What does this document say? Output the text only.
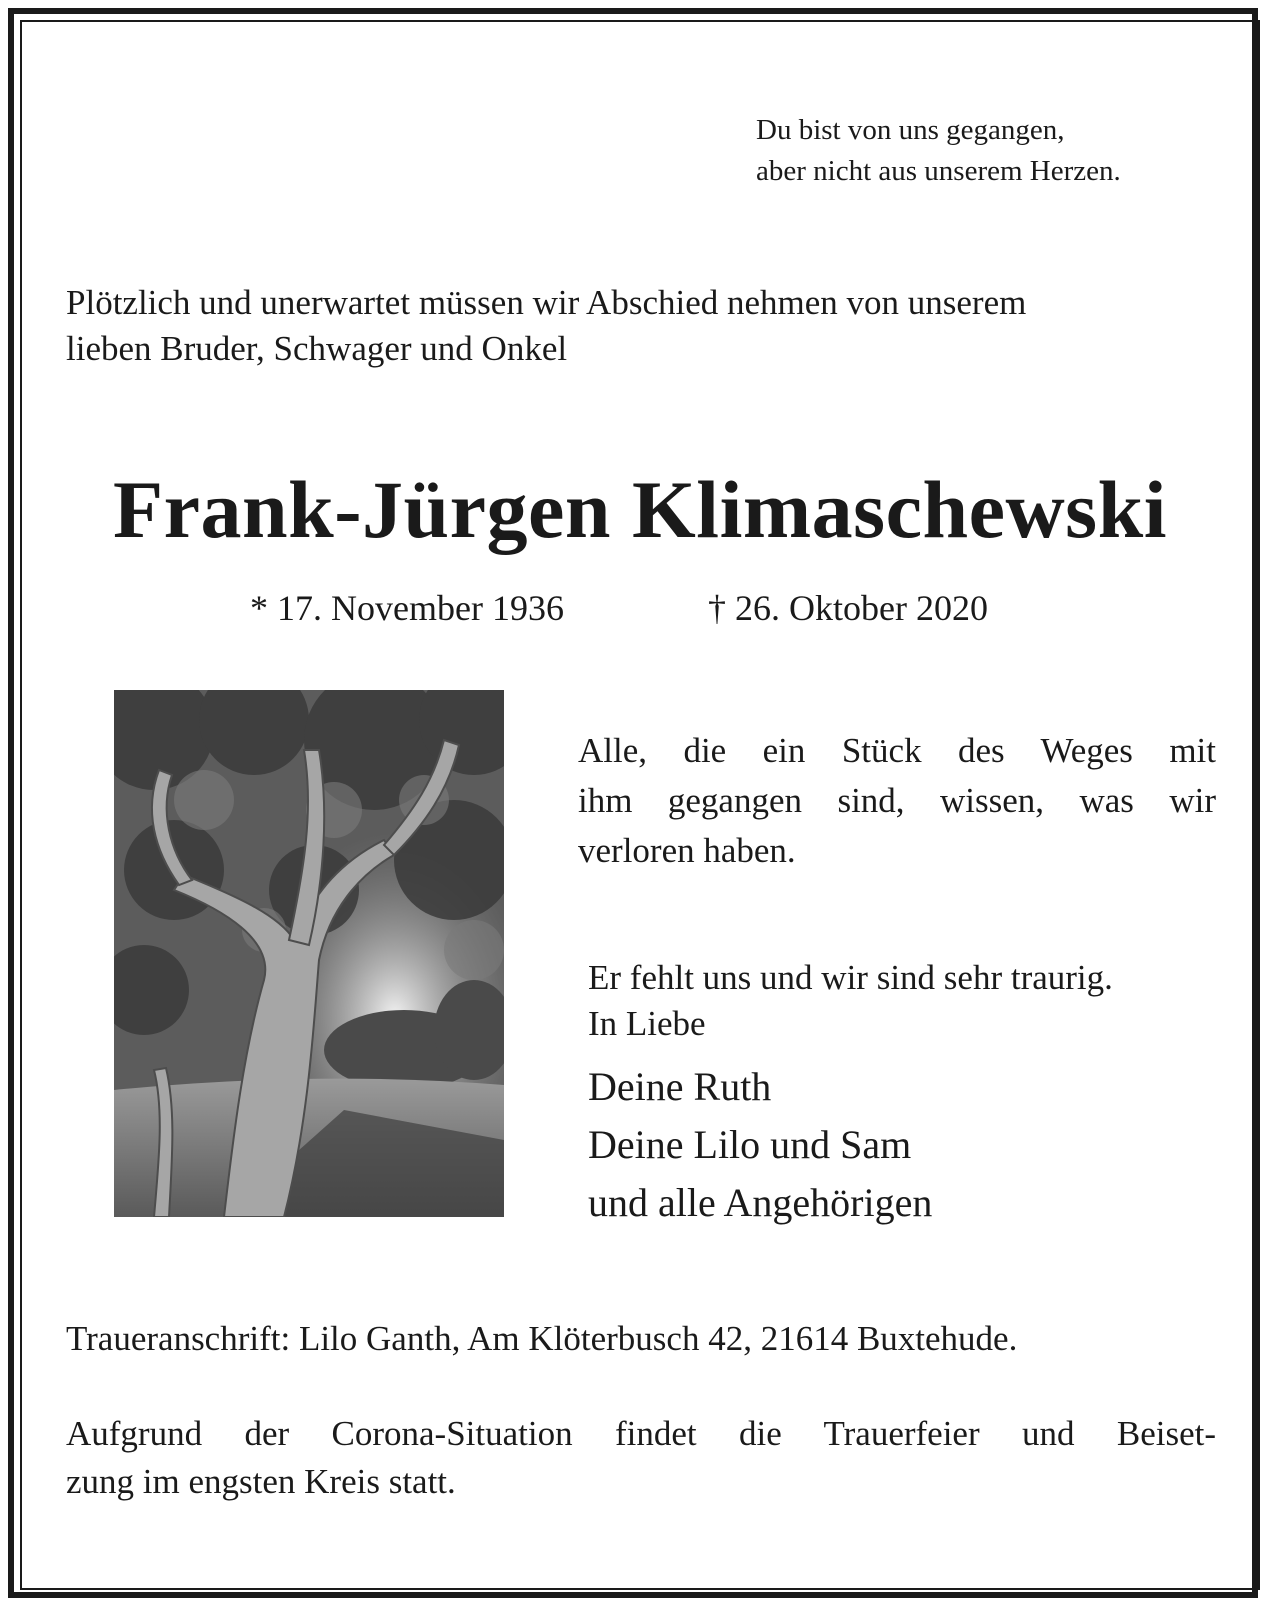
Du bist von uns gegangen,
aber nicht aus unserem Herzen.
Plötzlich und unerwartet müssen wir Abschied nehmen von unserem
lieben Bruder, Schwager und Onkel
Frank-Jürgen Klimaschewski
* 17. November 1936	† 26. Oktober 2020
Alle, die ein Stück des Weges mit
ihm gegangen sind, wissen, was wir
verloren haben.
Er fehlt uns und wir sind sehr traurig.
In Liebe
Deine Ruth
Deine Lilo und Sam
und alle Angehörigen
Traueranschrift: Lilo Ganth, Am Klöterbusch 42, 21614 Buxtehude.
Aufgrund der Corona-Situation findet die Trauerfeier und Beiset-
zung im engsten Kreis statt.
